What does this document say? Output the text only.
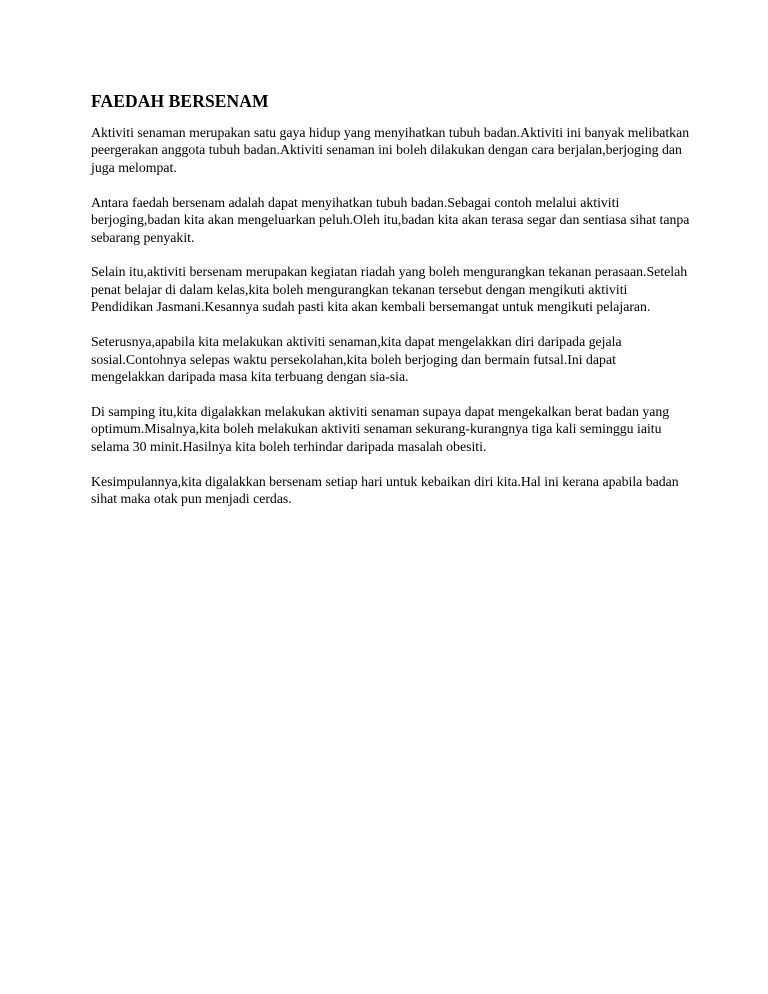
FAEDAH BERSENAM

Aktiviti senaman merupakan satu gaya hidup yang menyihatkan tubuh badan.Aktiviti ini banyak melibatkan peergerakan anggota tubuh badan.Aktiviti senaman ini boleh dilakukan dengan cara berjalan,berjoging dan juga melompat.

Antara faedah bersenam adalah dapat menyihatkan tubuh badan.Sebagai contoh melalui aktiviti berjoging,badan kita akan mengeluarkan peluh.Oleh itu,badan kita akan terasa segar dan sentiasa sihat tanpa sebarang penyakit.

Selain itu,aktiviti bersenam merupakan kegiatan riadah yang boleh mengurangkan tekanan perasaan.Setelah penat belajar di dalam kelas,kita boleh mengurangkan tekanan tersebut dengan mengikuti aktiviti Pendidikan Jasmani.Kesannya sudah pasti kita akan kembali bersemangat untuk mengikuti pelajaran.

Seterusnya,apabila kita melakukan aktiviti senaman,kita dapat mengelakkan diri daripada gejala sosial.Contohnya selepas waktu persekolahan,kita boleh berjoging dan bermain futsal.Ini dapat mengelakkan daripada masa kita terbuang dengan sia-sia.

Di samping itu,kita digalakkan melakukan aktiviti senaman supaya dapat mengekalkan berat badan yang optimum.Misalnya,kita boleh melakukan aktiviti senaman sekurang-kurangnya tiga kali seminggu iaitu selama 30 minit.Hasilnya kita boleh terhindar daripada masalah obesiti.

Kesimpulannya,kita digalakkan bersenam setiap hari untuk kebaikan diri kita.Hal ini kerana apabila badan sihat maka otak pun menjadi cerdas.
